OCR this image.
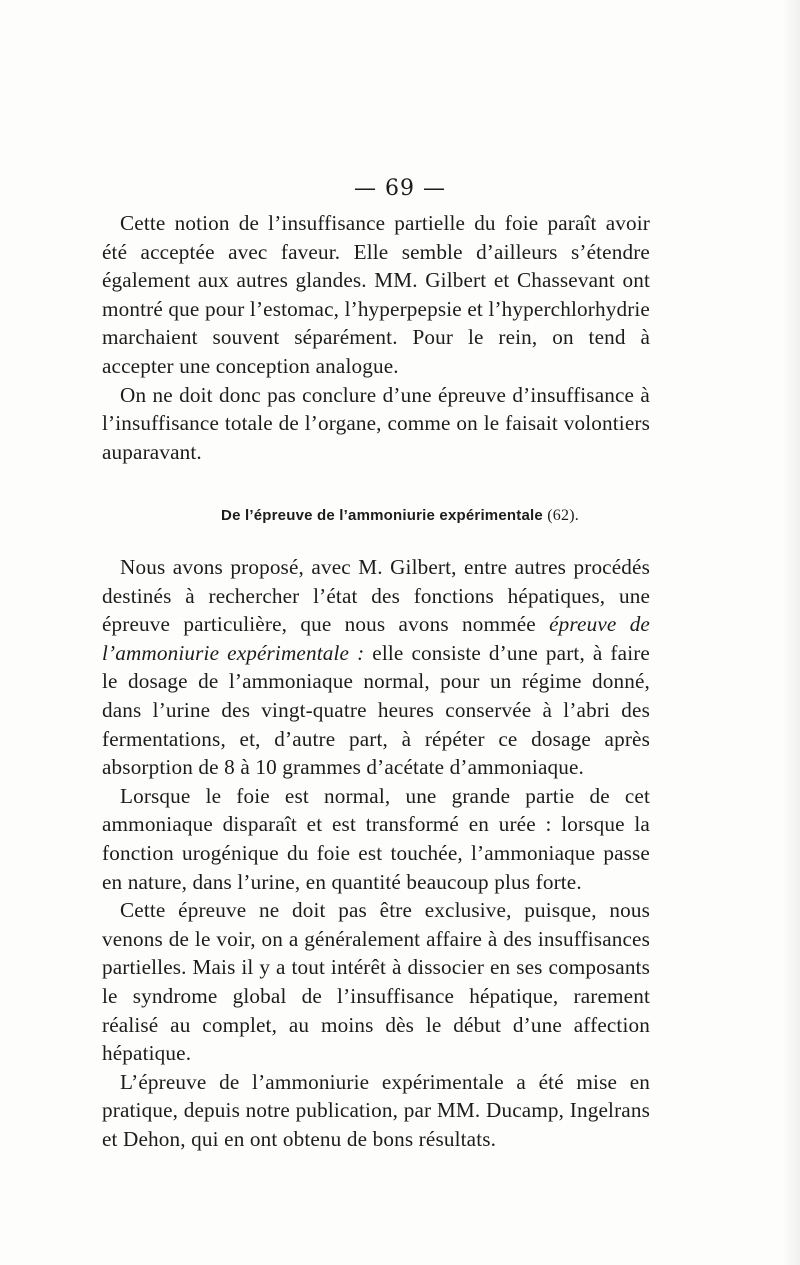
— 69 —

Cette notion de l’insuffisance partielle du foie paraît avoir été acceptée avec faveur. Elle semble d’ailleurs s’étendre également aux autres glandes. MM. Gilbert et Chassevant ont montré que pour l’estomac, l’hyperpepsie et l’hyperchlorhydrie marchaient souvent séparément. Pour le rein, on tend à accepter une conception analogue.

On ne doit donc pas conclure d’une épreuve d’insuffisance à l’insuffisance totale de l’organe, comme on le faisait volontiers auparavant.

De l’épreuve de l’ammoniurie expérimentale (62).

Nous avons proposé, avec M. Gilbert, entre autres procédés destinés à rechercher l’état des fonctions hépatiques, une épreuve particulière, que nous avons nommée épreuve de l’ammoniurie expérimentale : elle consiste d’une part, à faire le dosage de l’ammoniaque normal, pour un régime donné, dans l’urine des vingt-quatre heures conservée à l’abri des fermentations, et, d’autre part, à répéter ce dosage après absorption de 8 à 10 grammes d’acétate d’ammoniaque.

Lorsque le foie est normal, une grande partie de cet ammoniaque disparaît et est transformé en urée : lorsque la fonction urogénique du foie est touchée, l’ammoniaque passe en nature, dans l’urine, en quantité beaucoup plus forte.

Cette épreuve ne doit pas être exclusive, puisque, nous venons de le voir, on a généralement affaire à des insuffisances partielles. Mais il y a tout intérêt à dissocier en ses composants le syndrome global de l’insuffisance hépatique, rarement réalisé au complet, au moins dès le début d’une affection hépatique.

L’épreuve de l’ammoniurie expérimentale a été mise en pratique, depuis notre publication, par MM. Ducamp, Ingelrans et Dehon, qui en ont obtenu de bons résultats.
